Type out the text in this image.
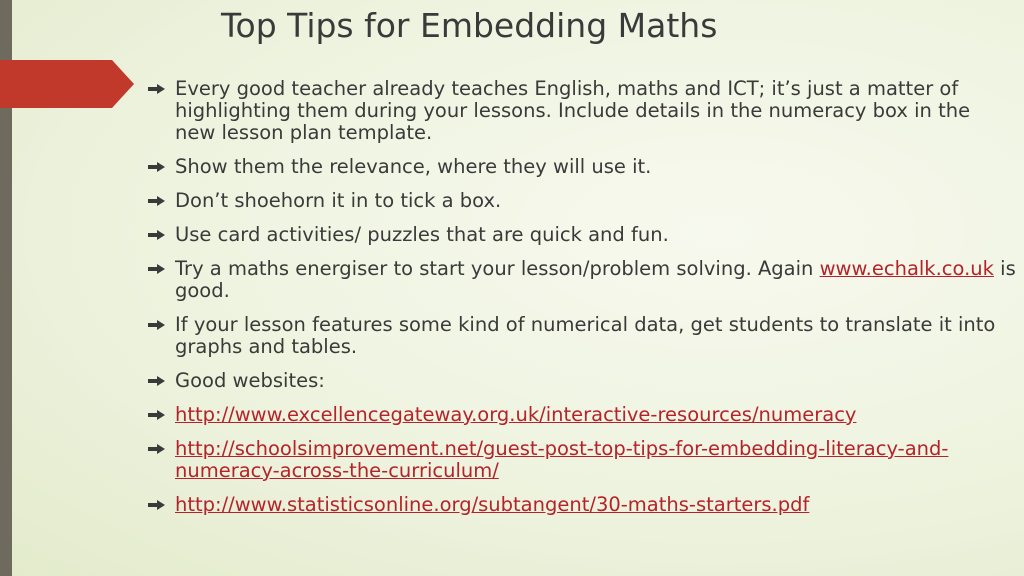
Top Tips for Embedding Maths
Every good teacher already teaches English, maths and ICT; it’s just a matter of highlighting them during your lessons. Include details in the numeracy box in the new lesson plan template.
Show them the relevance, where they will use it.
Don’t shoehorn it in to tick a box.
Use card activities/ puzzles that are quick and fun.
Try a maths energiser to start your lesson/problem solving. Again www.echalk.co.uk is good.
If your lesson features some kind of numerical data, get students to translate it into graphs and tables.
Good websites:
http://www.excellencegateway.org.uk/interactive-resources/numeracy
http://schoolsimprovement.net/guest-post-top-tips-for-embedding-literacy-and-numeracy-across-the-curriculum/
http://www.statisticsonline.org/subtangent/30-maths-starters.pdf
